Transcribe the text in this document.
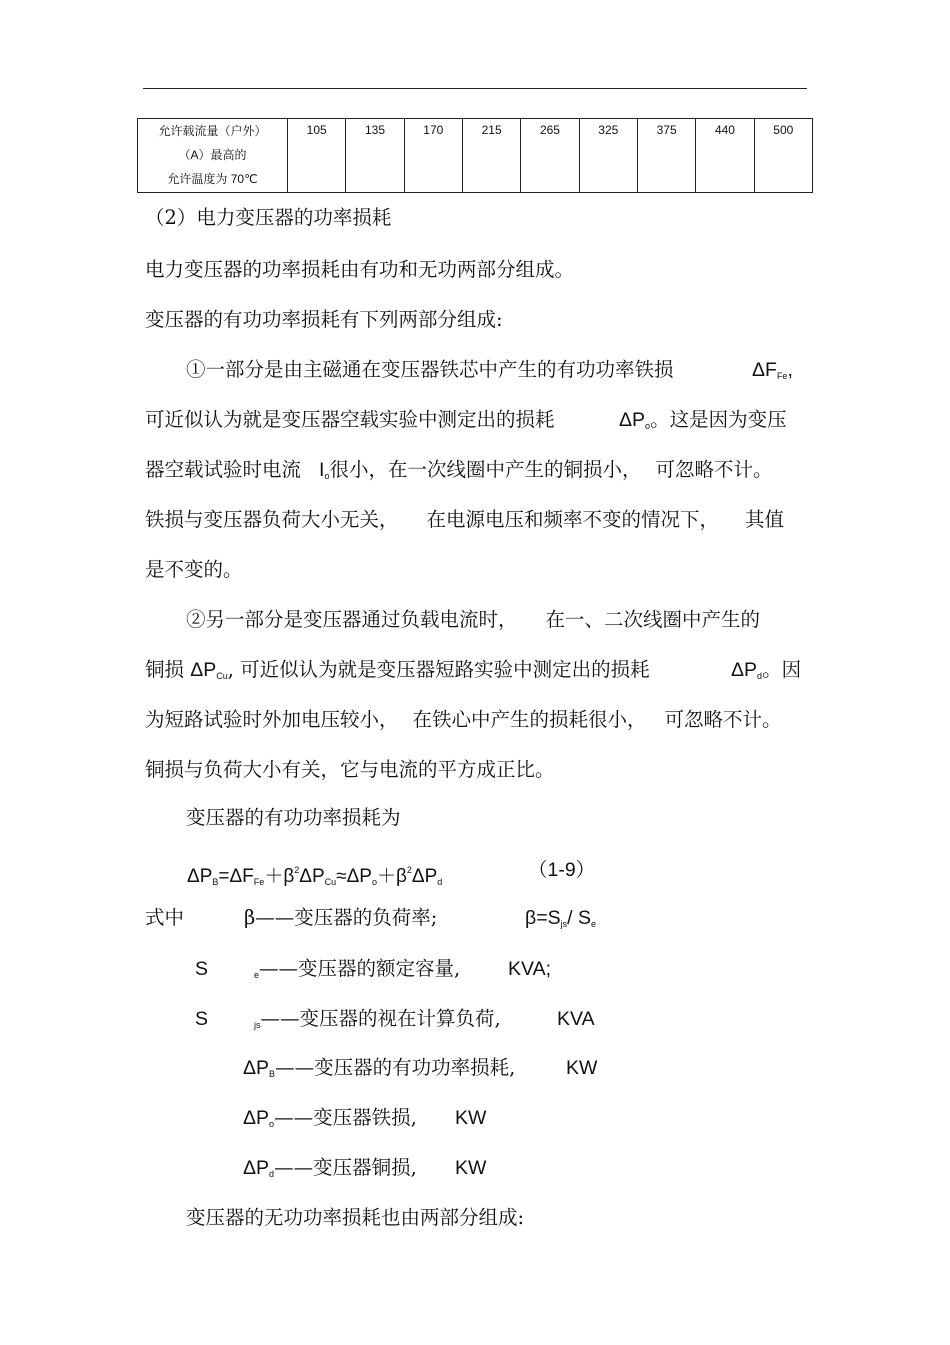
允许载流量（户外）
（A）最高的
允许温度为 70℃
	105	135	170	215	265	325	375	440	500
（2）电力变压器的功率损耗
电力变压器的功率损耗由有功和无功两部分组成。
变压器的有功功率损耗有下列两部分组成:
①一部分是由主磁通在变压器铁芯中产生的有功功率铁损	$\Delta F_{Fe}$,
可近似认为就是变压器空载实验中测定出的损耗	$\Delta P_o$。这是因为变压
器空载试验时电流 $I_o$很小，在一次线圈中产生的铜损小， 可忽略不计。
铁损与变压器负荷大小无关， 在电源电压和频率不变的情况下， 其值
是不变的。
②另一部分是变压器通过负载电流时， 在一、二次线圈中产生的
铜损 $\Delta P_{Cu}$, 可近似认为就是变压器短路实验中测定出的损耗	$\Delta P_d$。因
为短路试验时外加电压较小， 在铁心中产生的损耗很小， 可忽略不计。
铜损与负荷大小有关，它与电流的平方成正比。
变压器的有功功率损耗为
$\Delta P_B=\Delta F_{Fe}+\beta^2\Delta P_{Cu}\approx\Delta P_o+\beta^2\Delta P_d$
（1-9）
式中	β——变压器的负荷率;	$\beta=S_{js}/$ $S_e$
S	$_e$——变压器的额定容量, KVA;
S	$_{js}$——变压器的视在计算负荷,	KVA
$\Delta P_B——$变压器的有功功率损耗,	KW
$\Delta P_o——$变压器铁损, KW
$\Delta P_d——$变压器铜损, KW
变压器的无功功率损耗也由两部分组成:
